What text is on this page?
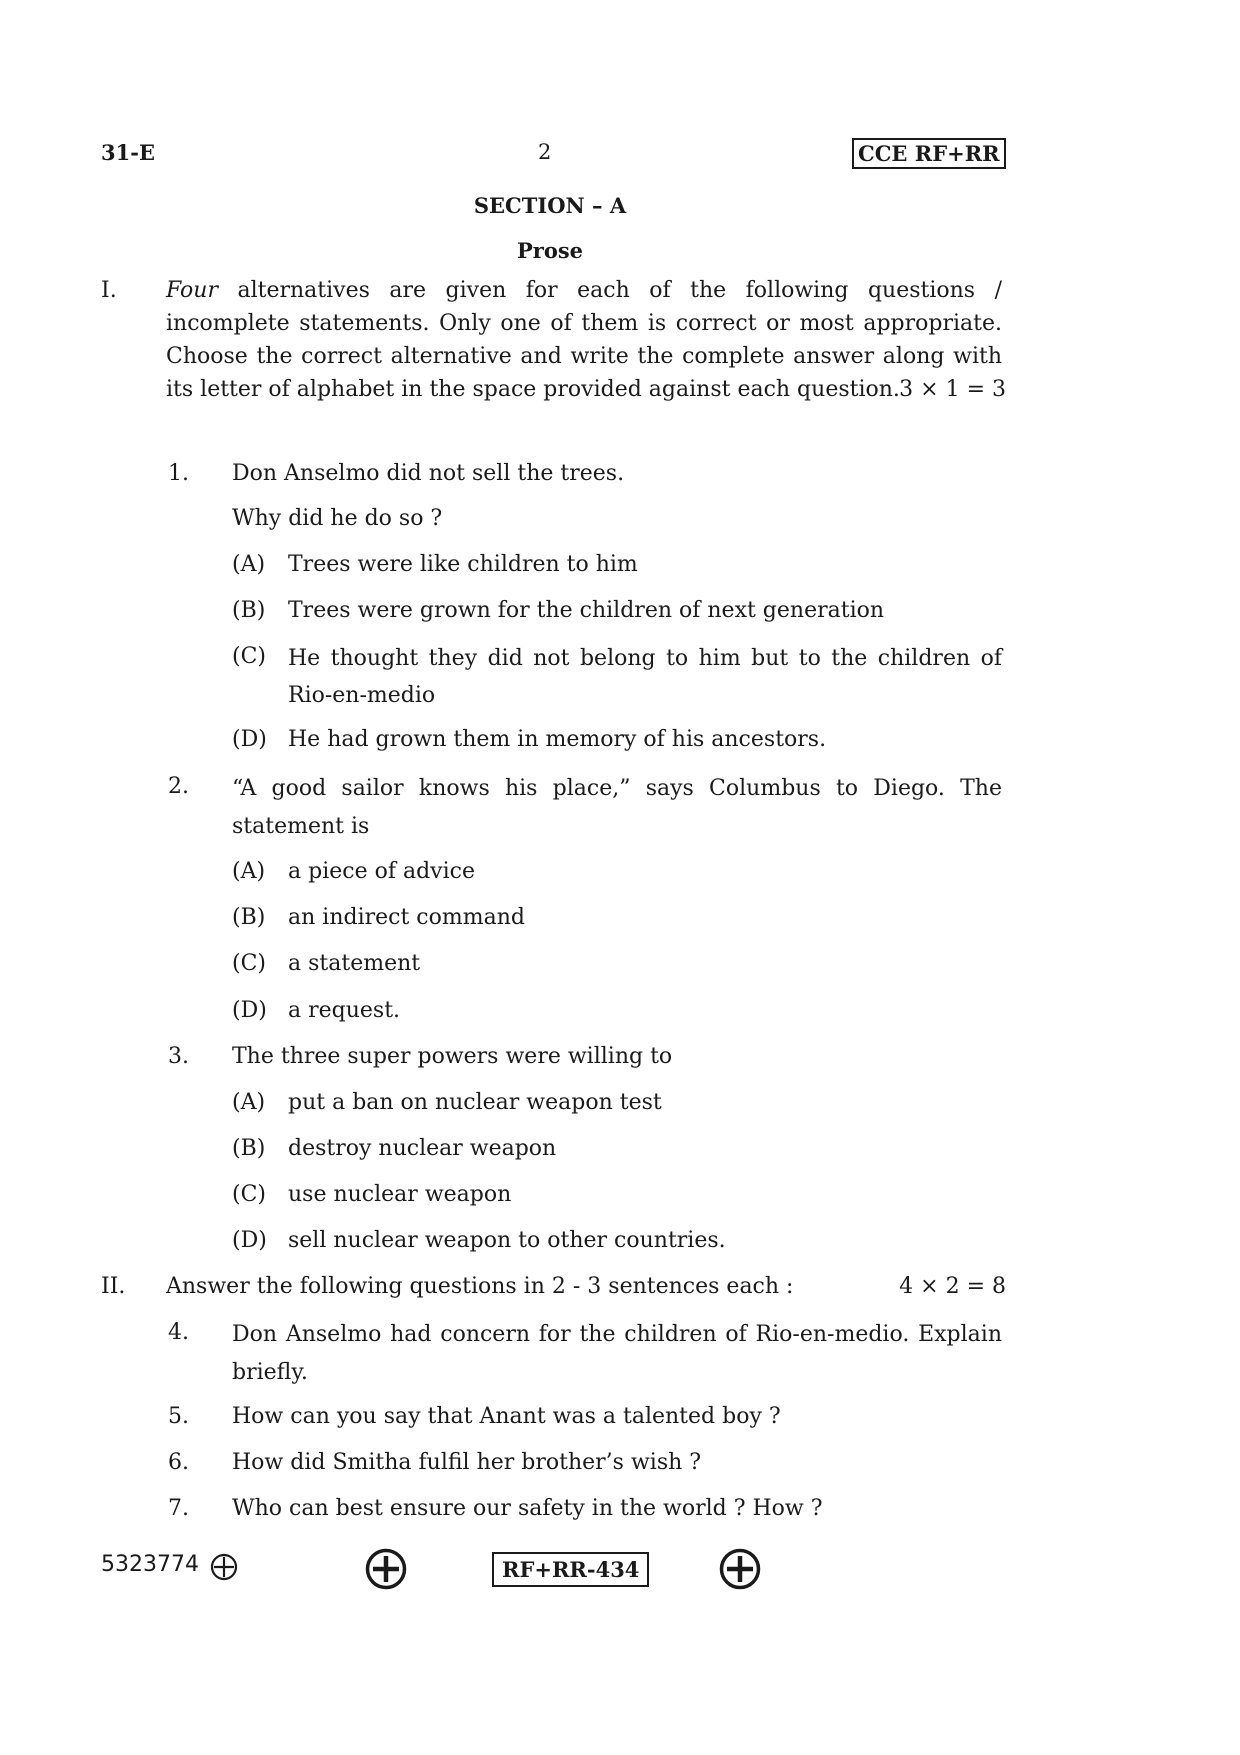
31-E	2	CCE RF+RR
SECTION – A
Prose
I. Four alternatives are given for each of the following questions / incomplete statements. Only one of them is correct or most appropriate. Choose the correct alternative and write the complete answer along with its letter of alphabet in the space provided against each question. 3 × 1 = 3
1. Don Anselmo did not sell the trees.
Why did he do so ?
(A)	Trees were like children to him
(B)	Trees were grown for the children of next generation
(C) He thought they did not belong to him but to the children of Rio-en-medio
(D) He had grown them in memory of his ancestors.
2. “A good sailor knows his place,” says Columbus to Diego. The statement is
(A)	a piece of advice
(B)	an indirect command
(C) a statement
(D) a request.
3. The three super powers were willing to
(A)	put a ban on nuclear weapon test
(B)	destroy nuclear weapon
(C) use nuclear weapon
(D) sell nuclear weapon to other countries.
II. Answer the following questions in 2 - 3 sentences each :	4 × 2 = 8
4. Don Anselmo had concern for the children of Rio-en-medio. Explain briefly.
5. How can you say that Anant was a talented boy ?
6. How did Smitha fulfil her brother’s wish ?
7. Who can best ensure our safety in the world ? How ?
5323774	RF+RR-434
